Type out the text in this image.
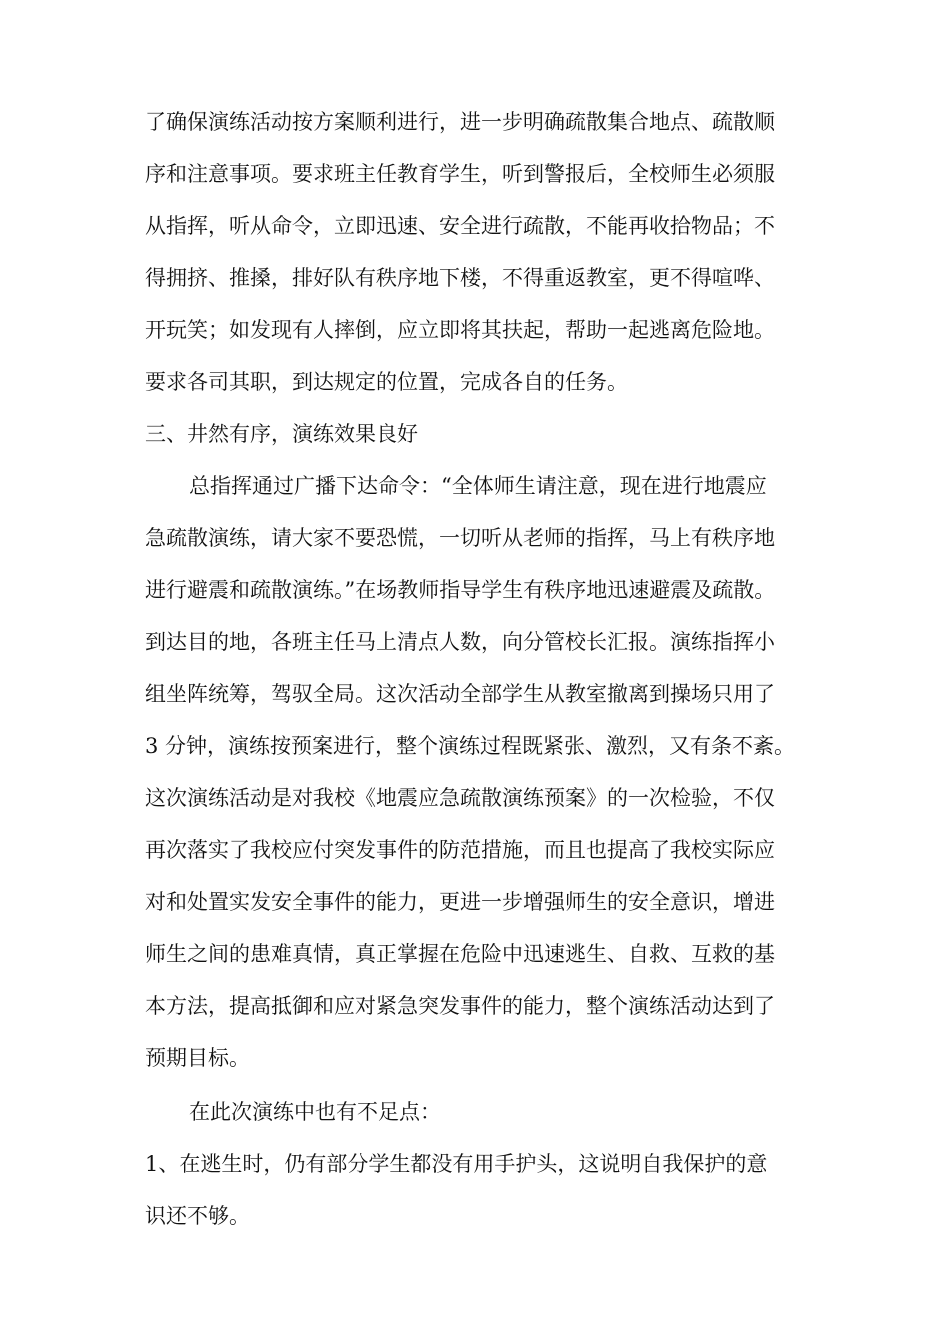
了确保演练活动按方案顺利进行，进一步明确疏散集合地点、疏散顺
序和注意事项。要求班主任教育学生，听到警报后，全校师生必须服
从指挥，听从命令，立即迅速、安全进行疏散，不能再收拾物品；不
得拥挤、推搡，排好队有秩序地下楼，不得重返教室，更不得喧哗、
开玩笑；如发现有人摔倒，应立即将其扶起，帮助一起逃离危险地。
要求各司其职，到达规定的位置，完成各自的任务。
三、井然有序，演练效果良好
总指挥通过广播下达命令：“全体师生请注意，现在进行地震应
急疏散演练，请大家不要恐慌，一切听从老师的指挥，马上有秩序地
进行避震和疏散演练。”在场教师指导学生有秩序地迅速避震及疏散。
到达目的地，各班主任马上清点人数，向分管校长汇报。演练指挥小
组坐阵统筹，驾驭全局。这次活动全部学生从教室撤离到操场只用了
3 分钟，演练按预案进行，整个演练过程既紧张、激烈，又有条不紊。
这次演练活动是对我校《地震应急疏散演练预案》的一次检验，不仅
再次落实了我校应付突发事件的防范措施，而且也提高了我校实际应
对和处置实发安全事件的能力，更进一步增强师生的安全意识，增进
师生之间的患难真情，真正掌握在危险中迅速逃生、自救、互救的基
本方法，提高抵御和应对紧急突发事件的能力，整个演练活动达到了
预期目标。
在此次演练中也有不足点：
1、在逃生时，仍有部分学生都没有用手护头，这说明自我保护的意
识还不够。
